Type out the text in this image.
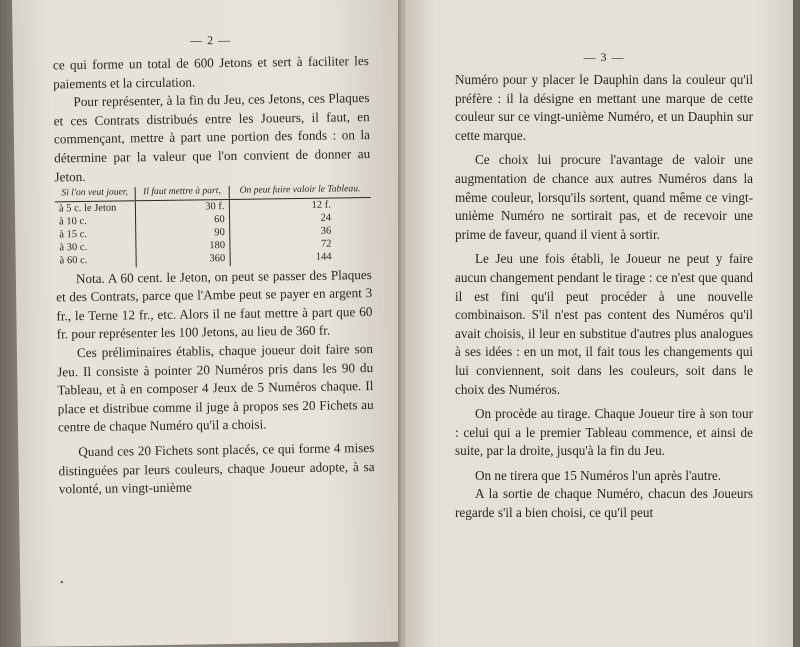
— 2 —

ce qui forme un total de 600 Jetons et sert à faciliter les paiements et la circulation.

Pour représenter, à la fin du Jeu, ces Jetons, ces Plaques et ces Contrats distribués entre les Joueurs, il faut, en commençant, mettre à part une portion des fonds : on la détermine par la valeur que l'on convient de donner au Jeton.

Si l'on veut jouer,	Il faut mettre à part,	On peut faire valoir le Tableau.
à 5 c. le Jeton	30 f.	12 f.
à 10 c.	60	24
à 15 c.	90	36
à 30 c.	180	72
à 60 c.	360	144

Nota. A 60 cent. le Jeton, on peut se passer des Plaques et des Contrats, parce que l'Ambe peut se payer en argent 3 fr., le Terne 12 fr., etc. Alors il ne faut mettre à part que 60 fr. pour représenter les 100 Jetons, au lieu de 360 fr.

Ces préliminaires établis, chaque joueur doit faire son Jeu. Il consiste à pointer 20 Numéros pris dans les 90 du Tableau, et à en composer 4 Jeux de 5 Numéros chaque. Il place et distribue comme il juge à propos ses 20 Fichets au centre de chaque Numéro qu'il a choisi.

Quand ces 20 Fichets sont placés, ce qui forme 4 mises distinguées par leurs couleurs, chaque Joueur adopte, à sa volonté, un vingt-unième

•
— 3 —

Numéro pour y placer le Dauphin dans la couleur qu'il préfère : il la désigne en mettant une marque de cette couleur sur ce vingt-unième Numéro, et un Dauphin sur cette marque.

Ce choix lui procure l'avantage de valoir une augmentation de chance aux autres Numéros dans la même couleur, lorsqu'ils sortent, quand même ce vingt-unième Numéro ne sortirait pas, et de recevoir une prime de faveur, quand il vient à sortir.

Le Jeu une fois établi, le Joueur ne peut y faire aucun changement pendant le tirage : ce n'est que quand il est fini qu'il peut procéder à une nouvelle combinaison. S'il n'est pas content des Numéros qu'il avait choisis, il leur en substitue d'autres plus analogues à ses idées : en un mot, il fait tous les changements qui lui conviennent, soit dans les couleurs, soit dans le choix des Numéros.

On procède au tirage. Chaque Joueur tire à son tour : celui qui a le premier Tableau commence, et ainsi de suite, par la droite, jusqu'à la fin du Jeu.

On ne tirera que 15 Numéros l'un après l'autre.

A la sortie de chaque Numéro, chacun des Joueurs regarde s'il a bien choisi, ce qu'il peut
